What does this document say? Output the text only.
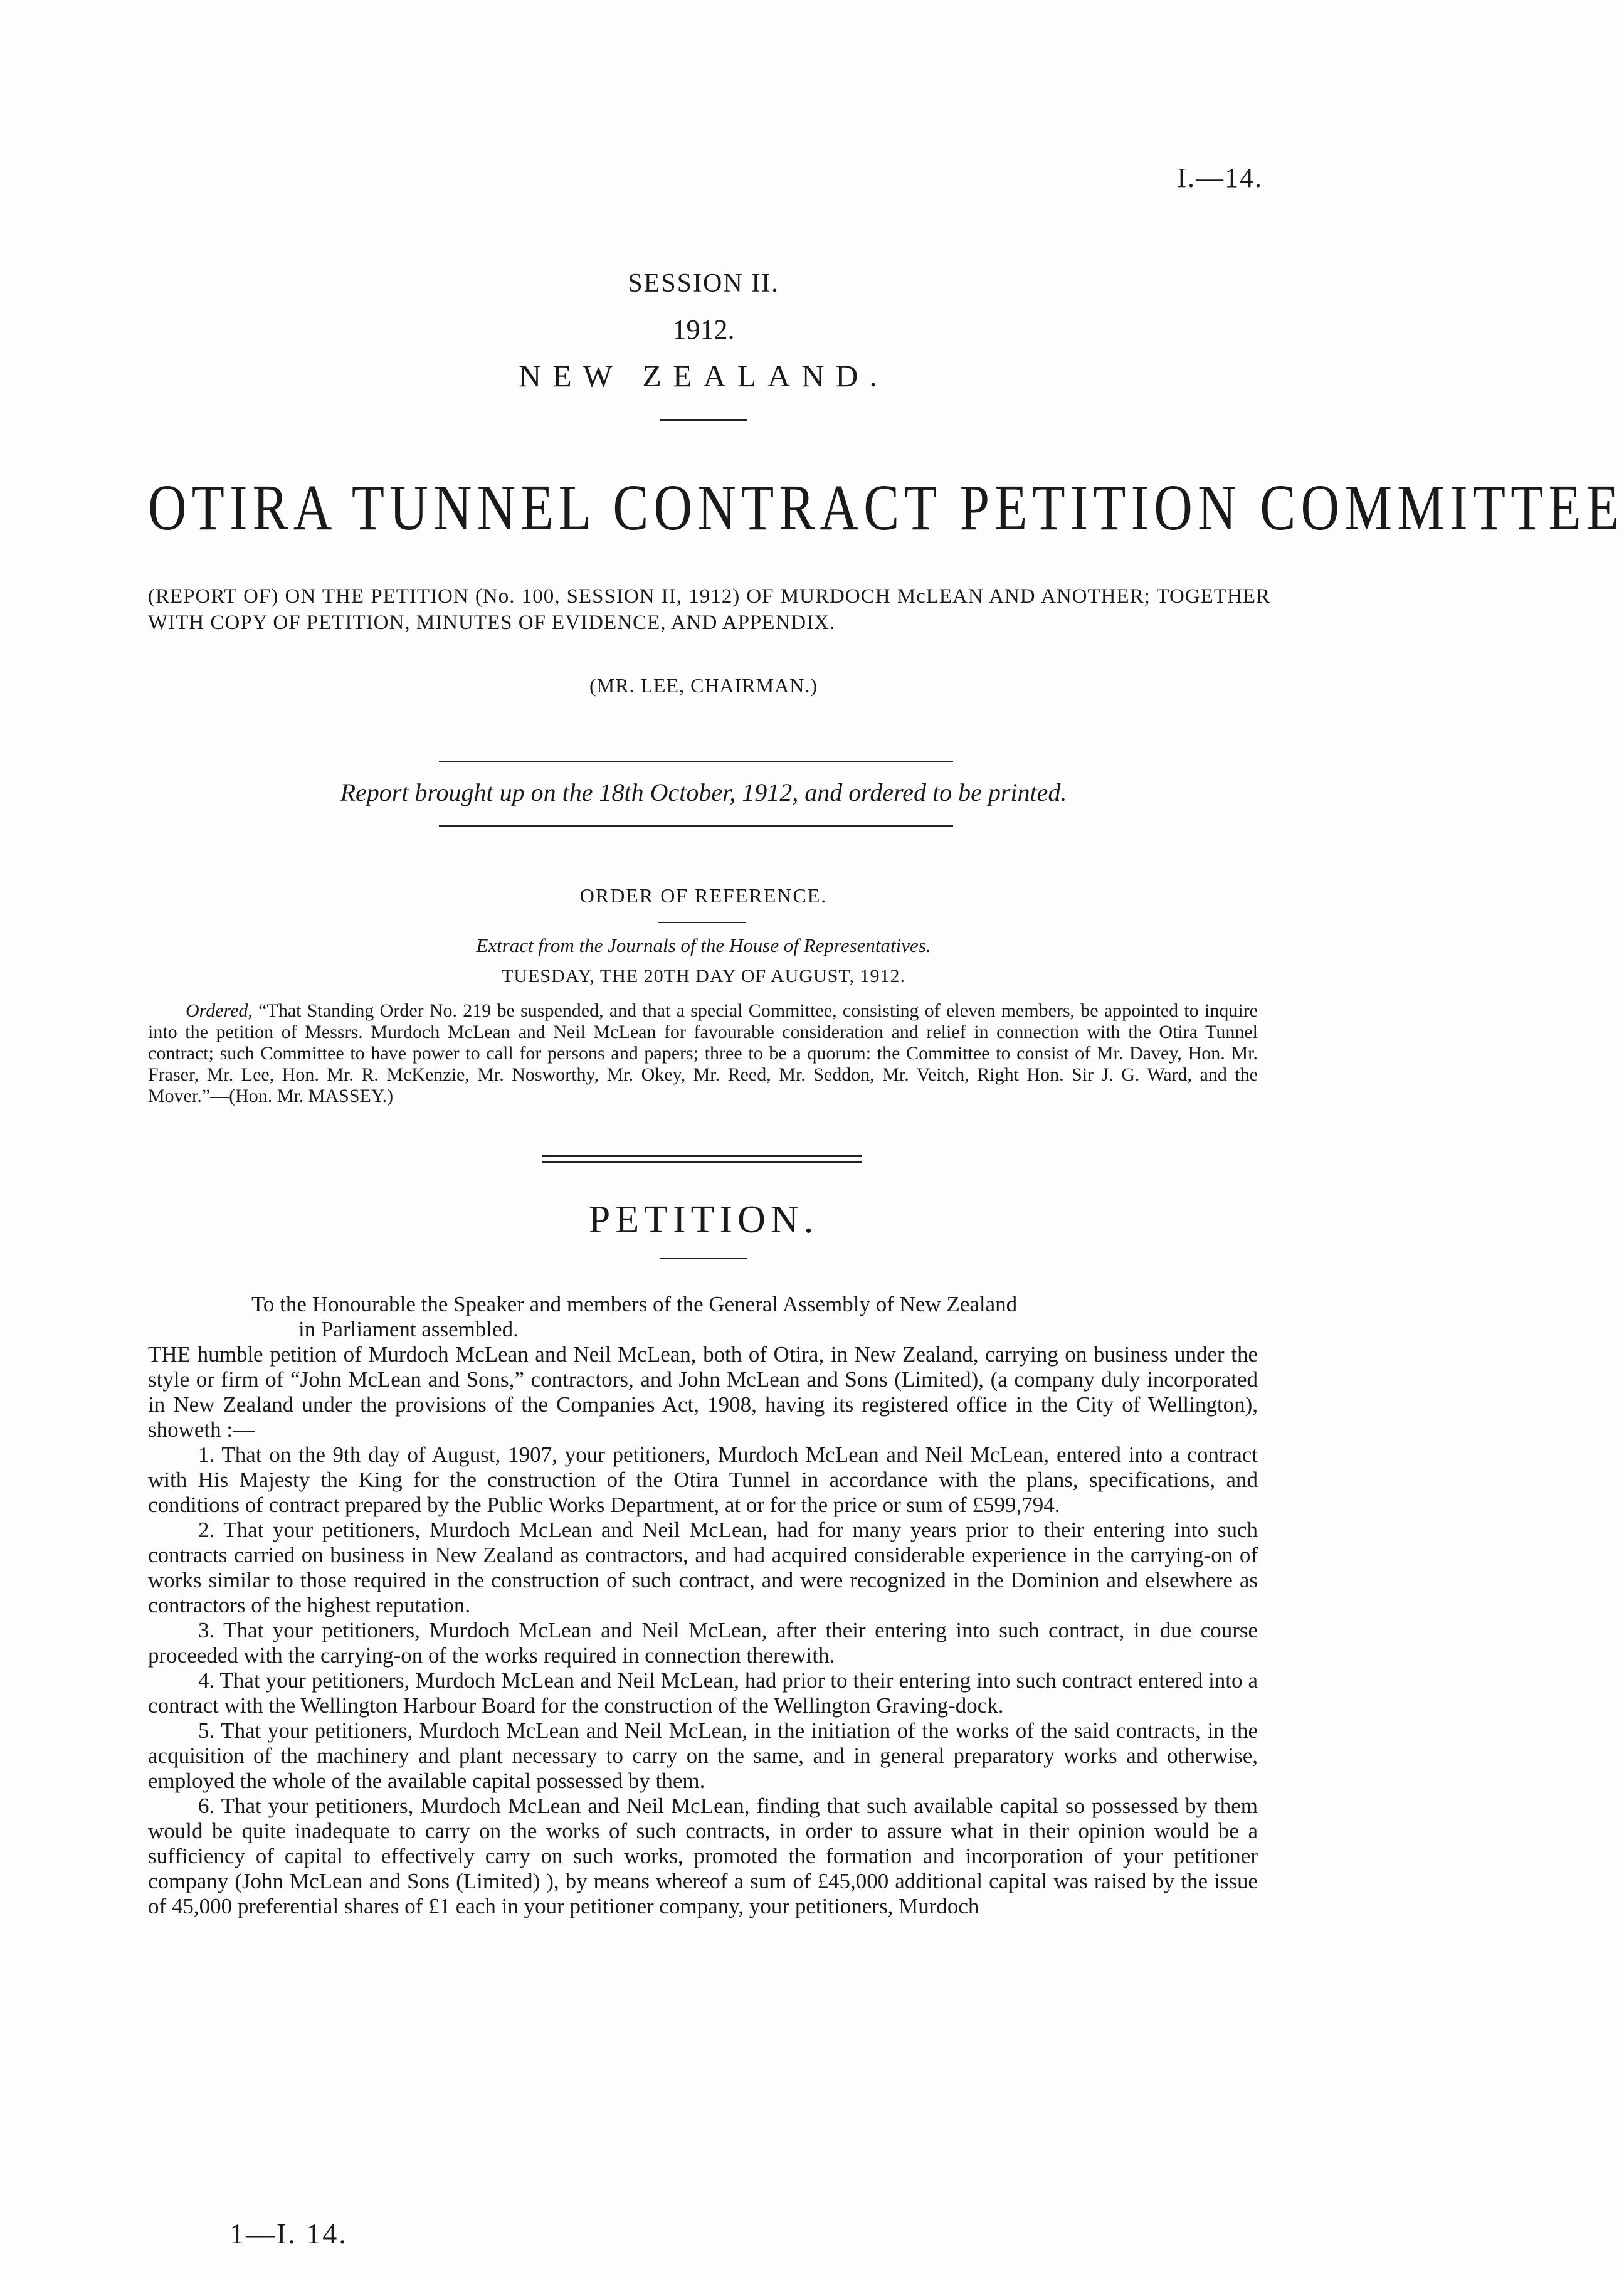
I.—14.
SESSION II.
1912.
NEW ZEALAND.
OTIRA TUNNEL CONTRACT PETITION COMMITTEE
(REPORT OF) ON THE PETITION (No. 100, SESSION II, 1912) OF MURDOCH McLEAN AND ANOTHER; TOGETHER WITH COPY OF PETITION, MINUTES OF EVIDENCE, AND APPENDIX.
(MR. LEE, CHAIRMAN.)
Report brought up on the 18th October, 1912, and ordered to be printed.
ORDER OF REFERENCE.
Extract from the Journals of the House of Representatives.
TUESDAY, THE 20TH DAY OF AUGUST, 1912.
Ordered, “That Standing Order No. 219 be suspended, and that a special Committee, consisting of eleven members, be appointed to inquire into the petition of Messrs. Murdoch McLean and Neil McLean for favourable consideration and relief in connection with the Otira Tunnel contract; such Committee to have power to call for persons and papers; three to be a quorum: the Committee to consist of Mr. Davey, Hon. Mr. Fraser, Mr. Lee, Hon. Mr. R. McKenzie, Mr. Nosworthy, Mr. Okey, Mr. Reed, Mr. Seddon, Mr. Veitch, Right Hon. Sir J. G. Ward, and the Mover.”—(Hon. Mr. MASSEY.)
PETITION.

To the Honourable the Speaker and members of the General Assembly of New Zealand

in Parliament assembled.

THE humble petition of Murdoch McLean and Neil McLean, both of Otira, in New Zealand, carrying on business under the style or firm of “John McLean and Sons,” contractors, and John McLean and Sons (Limited), (a company duly incorporated in New Zealand under the provisions of the Companies Act, 1908, having its registered office in the City of Wellington), showeth :—

1. That on the 9th day of August, 1907, your petitioners, Murdoch McLean and Neil McLean, entered into a contract with His Majesty the King for the construction of the Otira Tunnel in accordance with the plans, specifications, and conditions of contract prepared by the Public Works Department, at or for the price or sum of £599,794.

2. That your petitioners, Murdoch McLean and Neil McLean, had for many years prior to their entering into such contracts carried on business in New Zealand as contractors, and had acquired considerable experience in the carrying-on of works similar to those required in the construction of such contract, and were recognized in the Dominion and elsewhere as contractors of the highest reputation.

3. That your petitioners, Murdoch McLean and Neil McLean, after their entering into such contract, in due course proceeded with the carrying-on of the works required in connection therewith.

4. That your petitioners, Murdoch McLean and Neil McLean, had prior to their entering into such contract entered into a contract with the Wellington Harbour Board for the construction of the Wellington Graving-dock.

5. That your petitioners, Murdoch McLean and Neil McLean, in the initiation of the works of the said contracts, in the acquisition of the machinery and plant necessary to carry on the same, and in general preparatory works and otherwise, employed the whole of the available capital possessed by them.

6. That your petitioners, Murdoch McLean and Neil McLean, finding that such available capital so possessed by them would be quite inadequate to carry on the works of such contracts, in order to assure what in their opinion would be a sufficiency of capital to effectively carry on such works, promoted the formation and incorporation of your petitioner company (John McLean and Sons (Limited) ), by means whereof a sum of £45,000 additional capital was raised by the issue of 45,000 preferential shares of £1 each in your petitioner company, your petitioners, Murdoch

1—I. 14.
